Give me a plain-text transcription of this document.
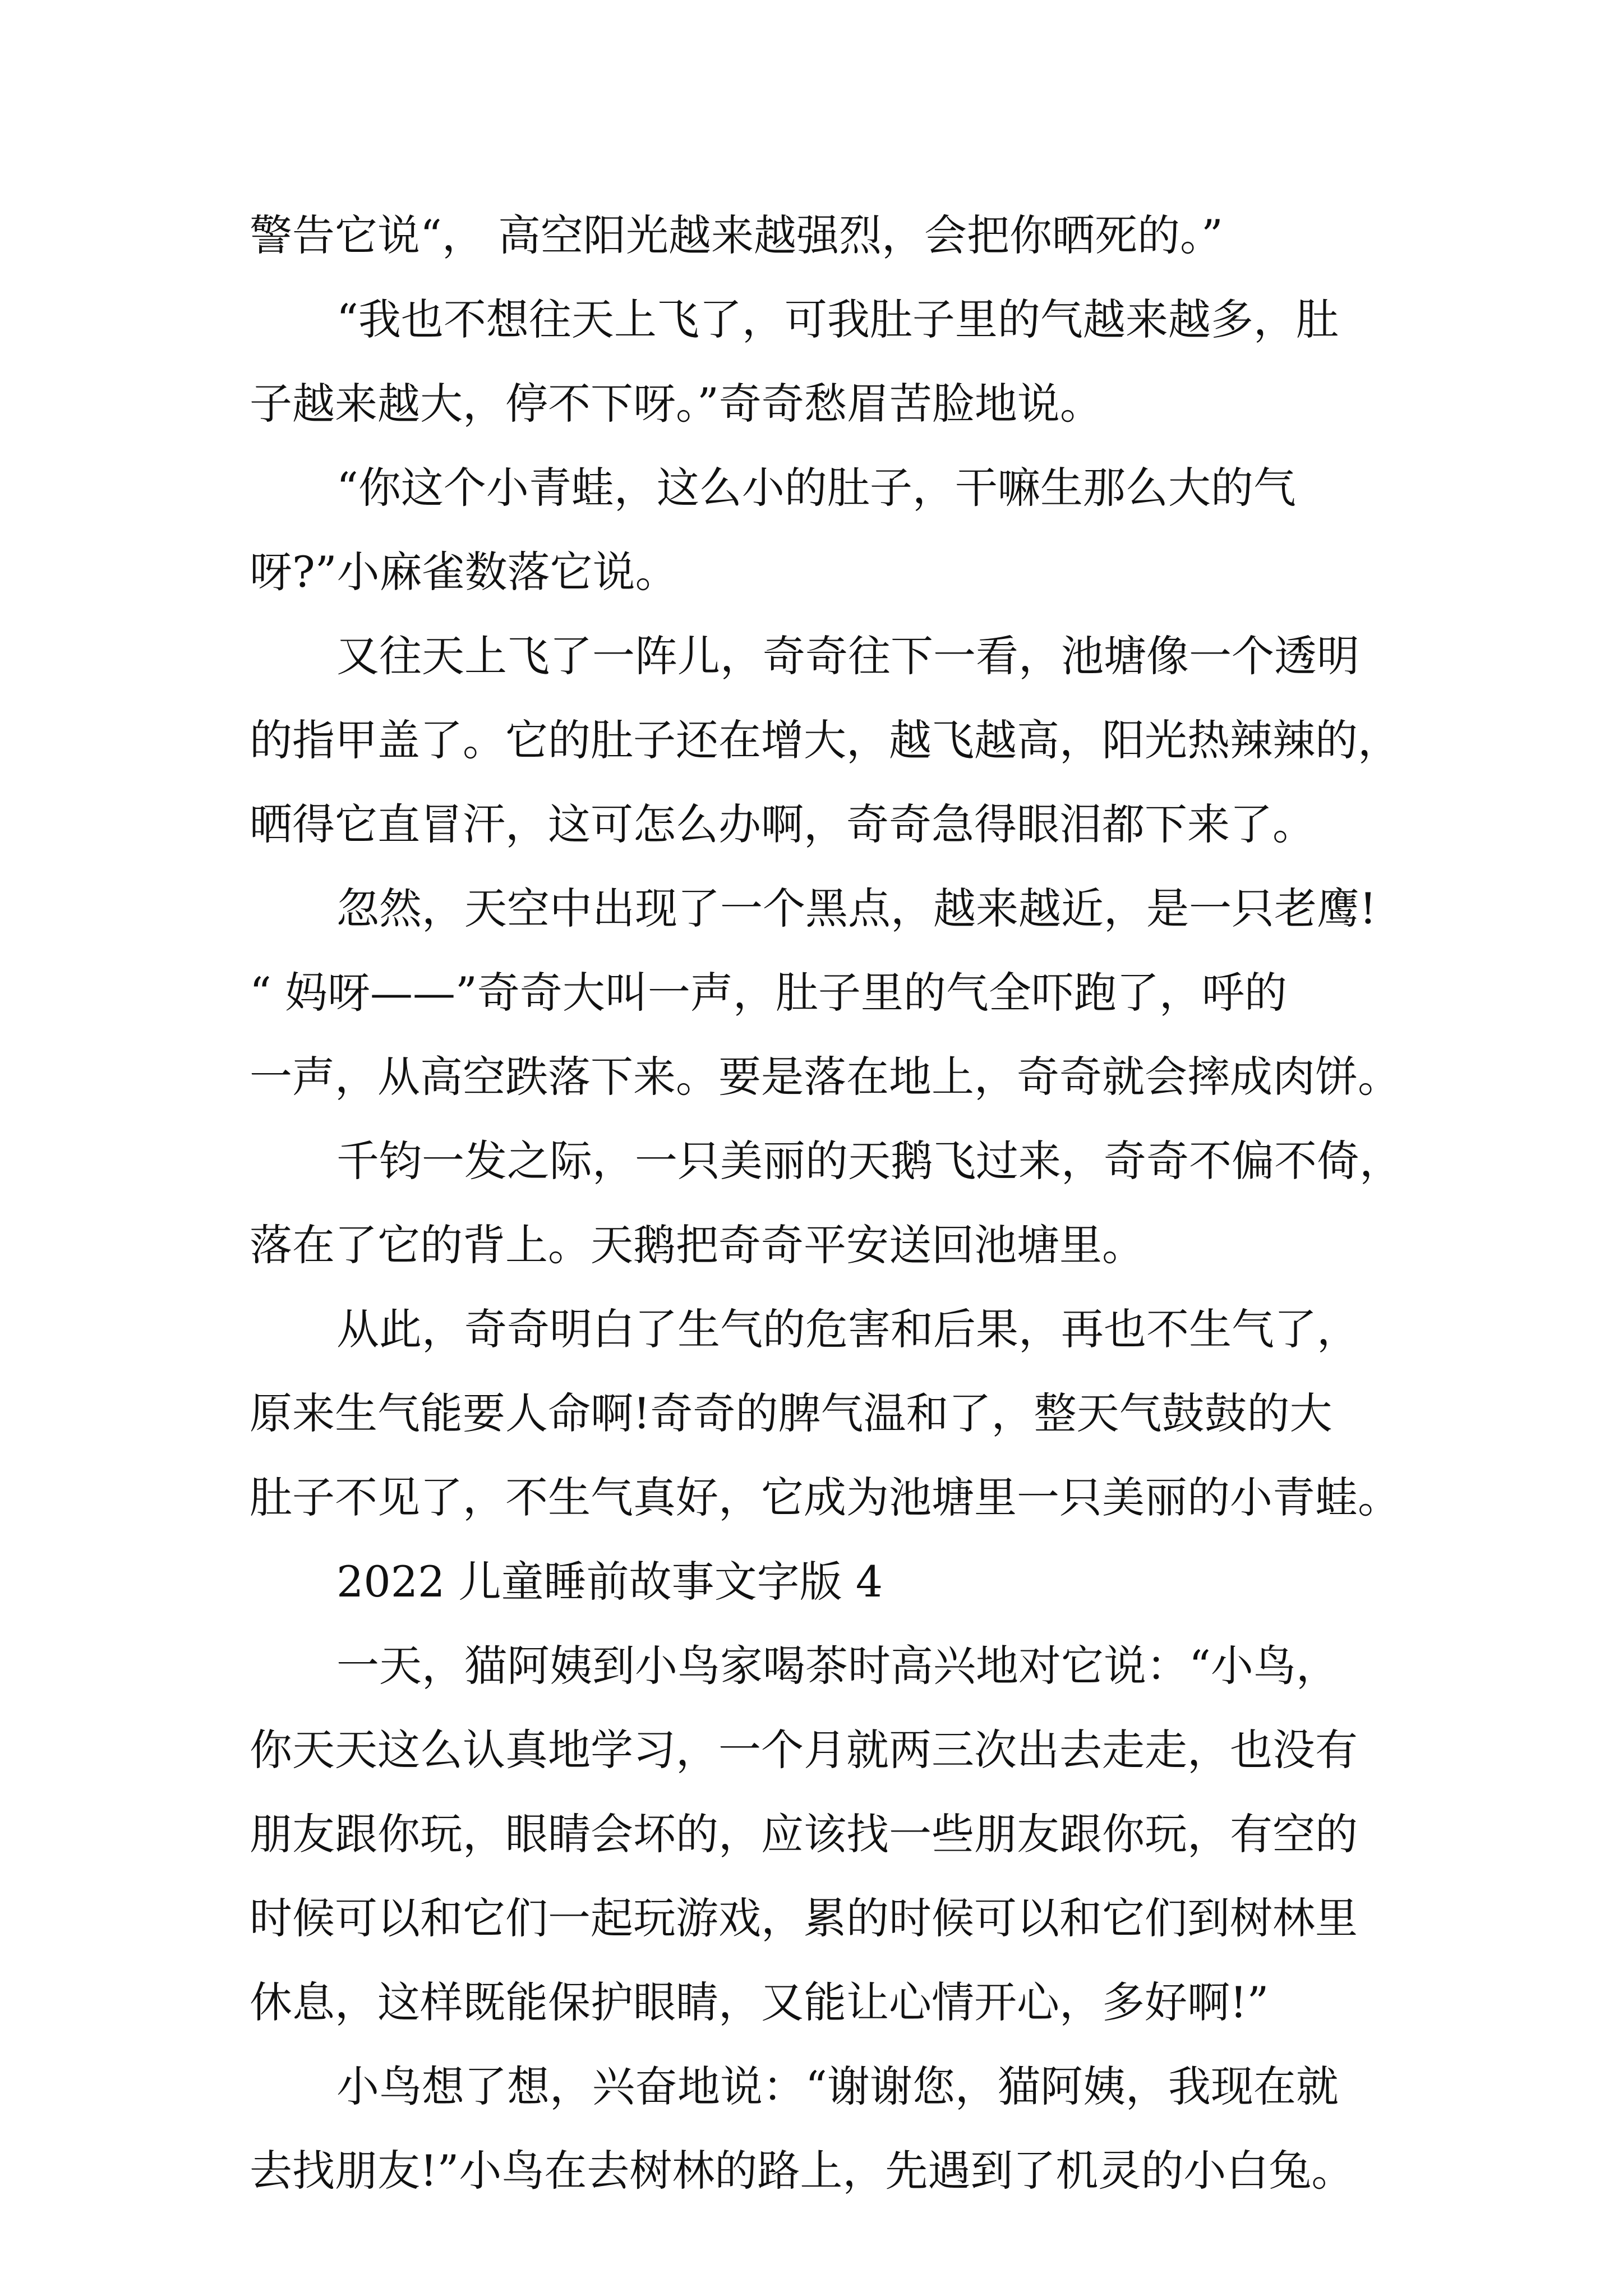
警告它说“， 高空阳光越来越强烈，会把你晒死的。”
“我也不想往天上飞了，可我肚子里的气越来越多，肚
子越来越大，停不下呀。”奇奇愁眉苦脸地说。
“你这个小青蛙，这么小的肚子，干嘛生那么大的气
呀?”小麻雀数落它说。
又往天上飞了一阵儿，奇奇往下一看，池塘像一个透明
的指甲盖了。它的肚子还在增大，越飞越高，阳光热辣辣的，
晒得它直冒汗，这可怎么办啊，奇奇急得眼泪都下来了。
忽然，天空中出现了一个黑点，越来越近，是一只老鹰!
“ 妈呀——”奇奇大叫一声，肚子里的气全吓跑了，呼的
一声，从高空跌落下来。要是落在地上，奇奇就会摔成肉饼。
千钧一发之际，一只美丽的天鹅飞过来，奇奇不偏不倚，
落在了它的背上。天鹅把奇奇平安送回池塘里。
从此，奇奇明白了生气的危害和后果，再也不生气了，
原来生气能要人命啊!奇奇的脾气温和了，整天气鼓鼓的大
肚子不见了，不生气真好，它成为池塘里一只美丽的小青蛙。
2022 儿童睡前故事文字版 4
一天，猫阿姨到小鸟家喝茶时高兴地对它说：“小鸟，
你天天这么认真地学习，一个月就两三次出去走走，也没有
朋友跟你玩，眼睛会坏的，应该找一些朋友跟你玩，有空的
时候可以和它们一起玩游戏，累的时候可以和它们到树林里
休息，这样既能保护眼睛，又能让心情开心，多好啊!”
小鸟想了想，兴奋地说：“谢谢您，猫阿姨，我现在就
去找朋友!”小鸟在去树林的路上，先遇到了机灵的小白兔。
